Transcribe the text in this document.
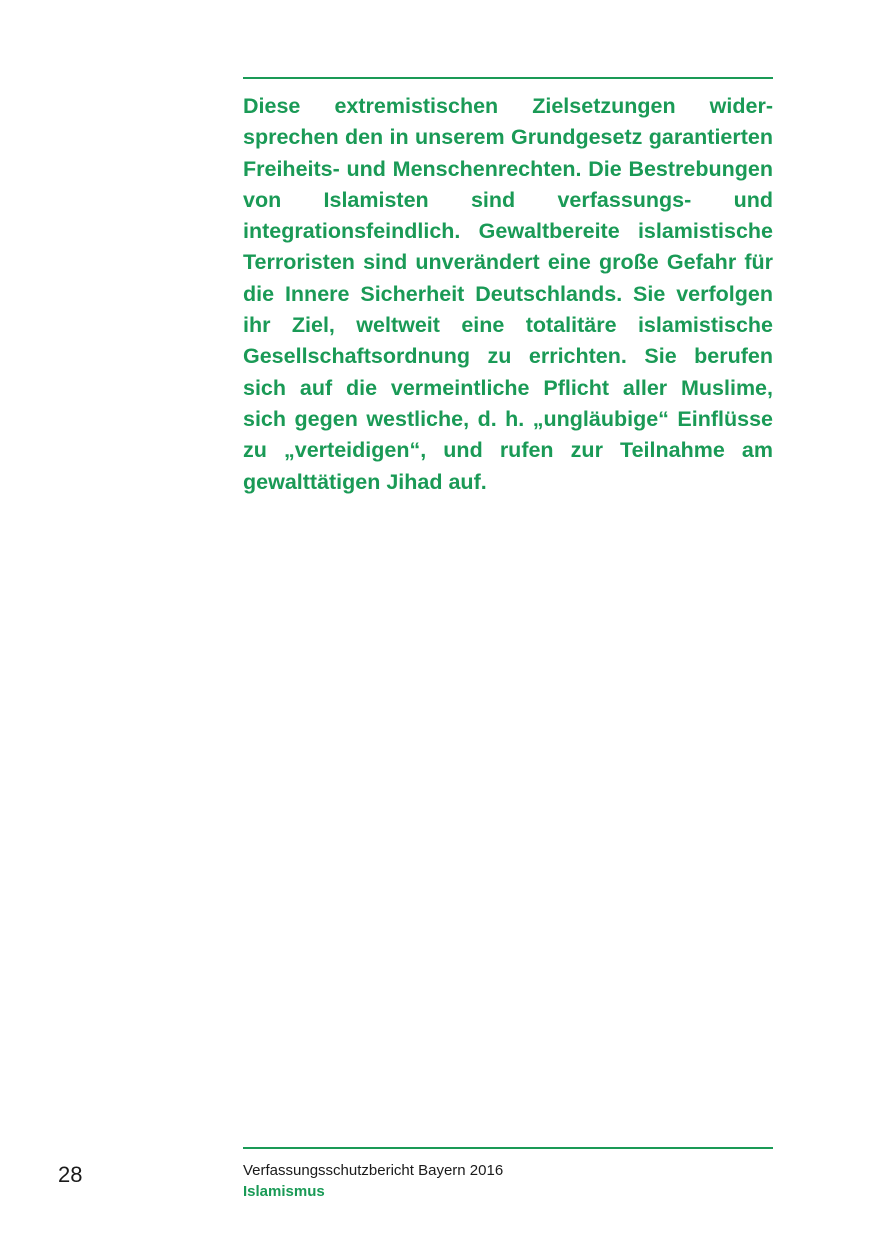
Diese extremistischen Zielsetzungen widersprechen den in unserem Grundgesetz garantierten Freiheits- und Menschenrechten. Die Bestrebungen von Islamisten sind verfassungs- und integrationsfeindlich. Gewaltbereite islamistische Terroristen sind unverändert eine große Gefahr für die Innere Sicherheit Deutschlands. Sie verfolgen ihr Ziel, weltweit eine totalitäre islamistische Gesellschaftsordnung zu errichten. Sie berufen sich auf die vermeintliche Pflicht aller Muslime, sich gegen westliche, d. h. „ungläubige“ Einflüsse zu „verteidigen“, und rufen zur Teilnahme am gewalttätigen Jihad auf.

28	Verfassungsschutzbericht Bayern 2016
Islamismus
